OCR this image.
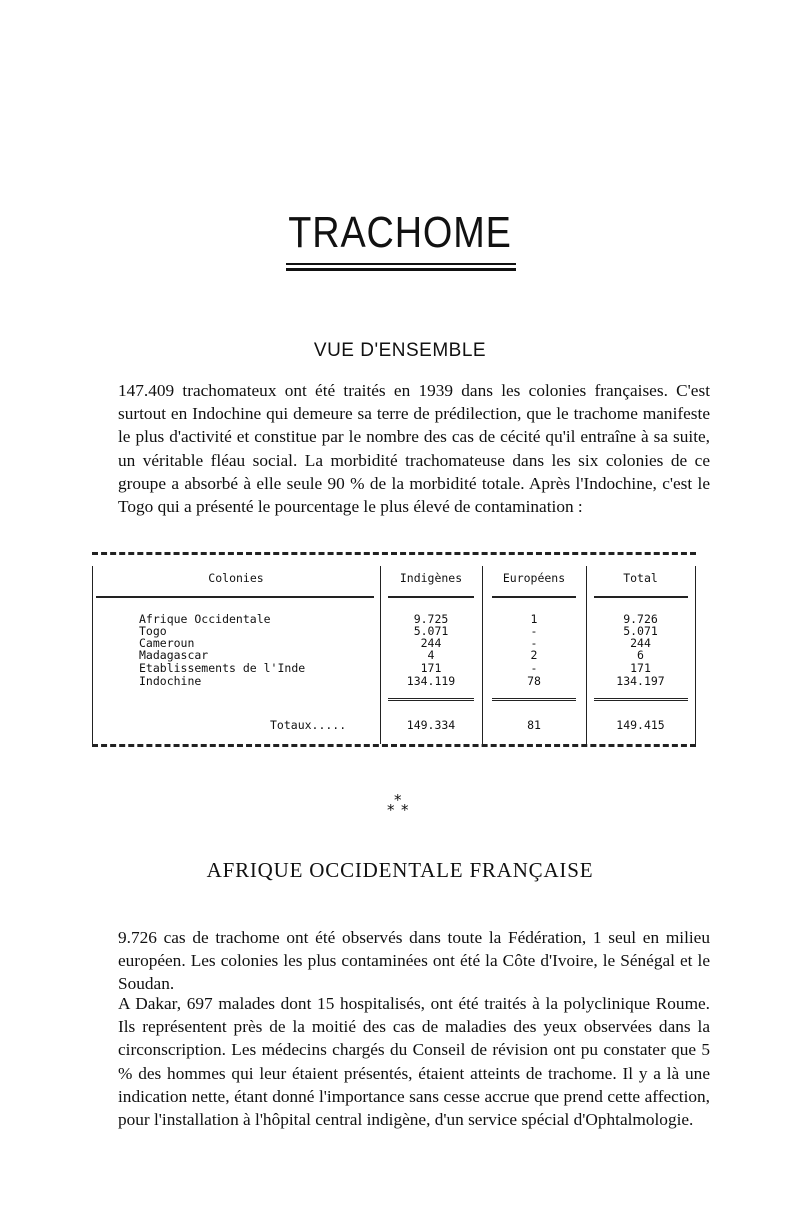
TRACHOME
VUE D'ENSEMBLE

147.409 trachomateux ont été traités en 1939 dans les colonies françaises. C'est surtout en Indochine qui demeure sa terre de prédilection, que le trachome manifeste le plus d'activité et constitue par le nombre des cas de cécité qu'il entraîne à sa suite, un véritable fléau social. La morbidité trachomateuse dans les six colonies de ce groupe a absorbé à elle seule 90 % de la morbidité totale. Après l'Indochine, c'est le Togo qui a présenté le pourcentage le plus élevé de contamination :

Colonies	Indigènes	Européens	Total
Afrique Occidentale	9.725	1	9.726
Togo	5.071	-	5.071
Cameroun	244	-	244
Madagascar	4	2	6
Etablissements de l'Inde	171	-	171
Indochine	134.119	78	134.197
Totaux.....	149.334	81	149.415
*
* *
AFRIQUE OCCIDENTALE FRANÇAISE

9.726 cas de trachome ont été observés dans toute la Fédération, 1 seul en milieu européen. Les colonies les plus contaminées ont été la Côte d'Ivoire, le Sénégal et le Soudan.

A Dakar, 697 malades dont 15 hospitalisés, ont été traités à la polyclinique Roume. Ils représentent près de la moitié des cas de maladies des yeux observées dans la circonscription. Les médecins chargés du Conseil de révision ont pu constater que 5 % des hommes qui leur étaient présentés, étaient atteints de trachome. Il y a là une indication nette, étant donné l'importance sans cesse accrue que prend cette affection, pour l'installation à l'hôpital central indigène, d'un service spécial d'Ophtalmologie.
